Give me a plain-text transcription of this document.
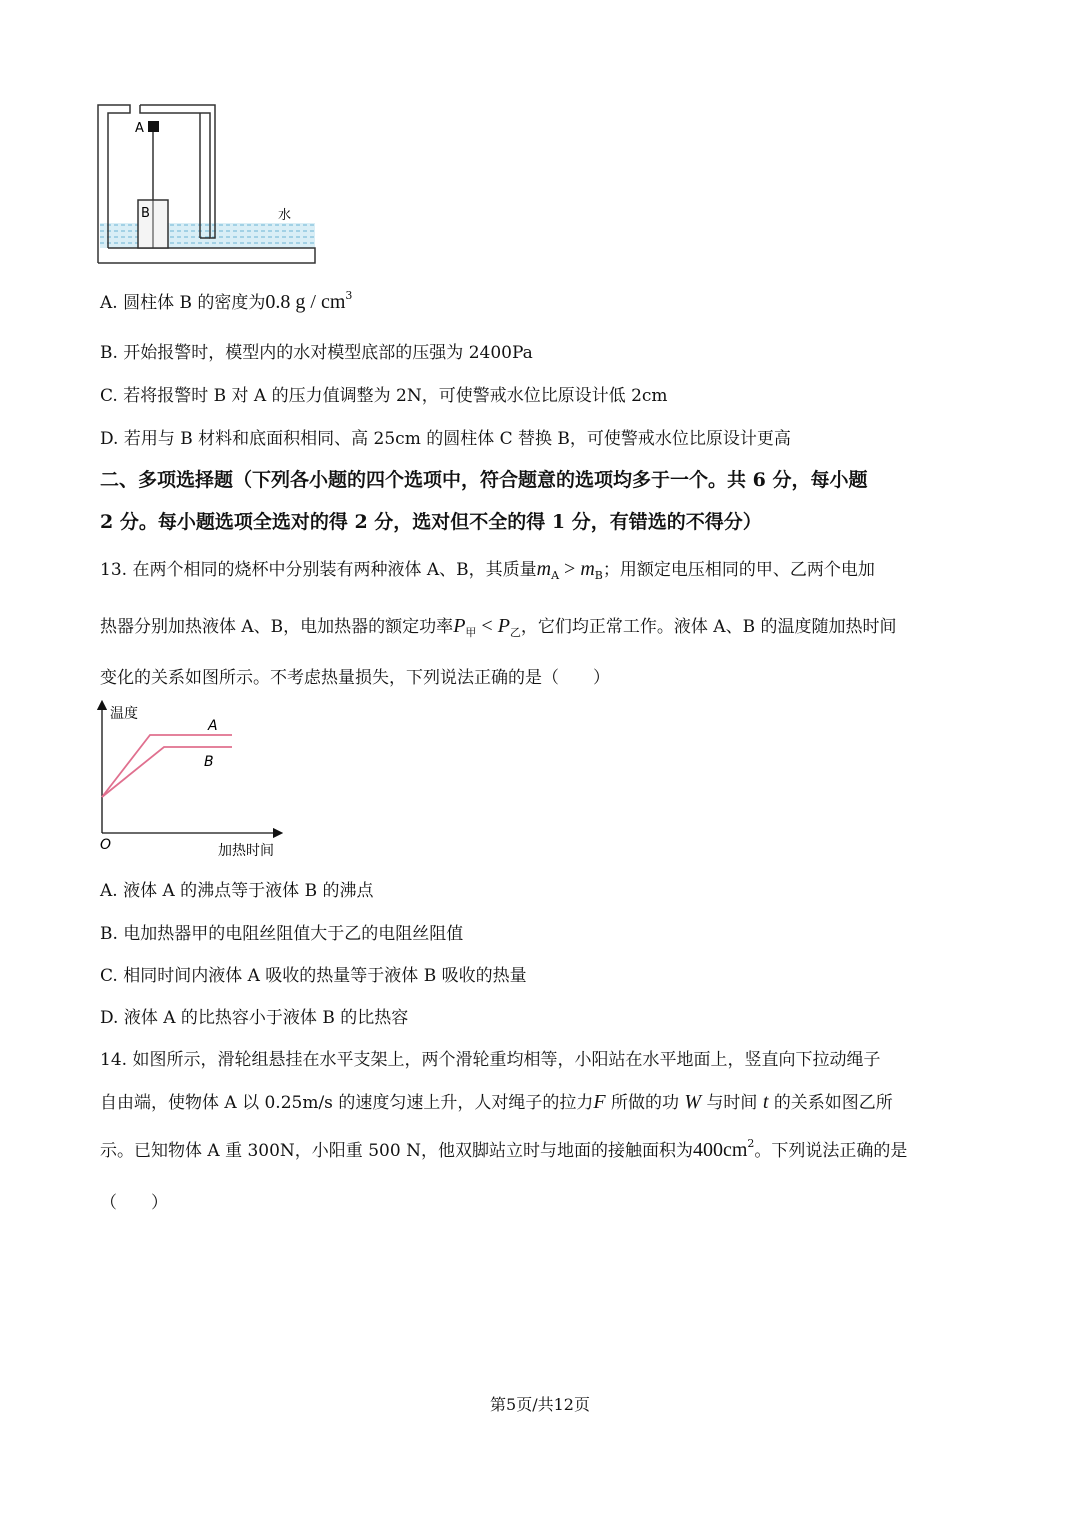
A
B	水
A. 圆柱体 B 的密度为0.8 g / $cm^3$
B. 开始报警时，模型内的水对模型底部的压强为 2400Pa
C. 若将报警时 B 对 A 的压力值调整为 2N，可使警戒水位比原设计低 2cm
D. 若用与 B 材料和底面积相同、高 25cm 的圆柱体 C 替换 B，可使警戒水位比原设计更高
二、多项选择题（下列各小题的四个选项中，符合题意的选项均多于一个。共 6 分，每小题
2 分。每小题选项全选对的得 2 分，选对但不全的得 1 分，有错选的不得分）
13. 在两个相同的烧杯中分别装有两种液体 A、B，其质量$m_A > m_B$；用额定电压相同的甲、乙两个电加
热器分别加热液体 A、B，电加热器的额定功率$P_甲 < P_乙$，它们均正常工作。液体 A、B 的温度随加热时间
变化的关系如图所示。不考虑热量损失，下列说法正确的是（　　）
温度
加热时间
O
A
B
A. 液体 A 的沸点等于液体 B 的沸点
B. 电加热器甲的电阻丝阻值大于乙的电阻丝阻值
C. 相同时间内液体 A 吸收的热量等于液体 B 吸收的热量
D. 液体 A 的比热容小于液体 B 的比热容
14. 如图所示，滑轮组悬挂在水平支架上，两个滑轮重均相等，小阳站在水平地面上，竖直向下拉动绳子
自由端，使物体 A 以 0.25m/s 的速度匀速上升，人对绳子的拉力F 所做的功 W 与时间 t 的关系如图乙所
示。已知物体 A 重 300N，小阳重 500 N，他双脚站立时与地面的接触面积为$400cm^2$。下列说法正确的是
（　　）
第5页/共12页
